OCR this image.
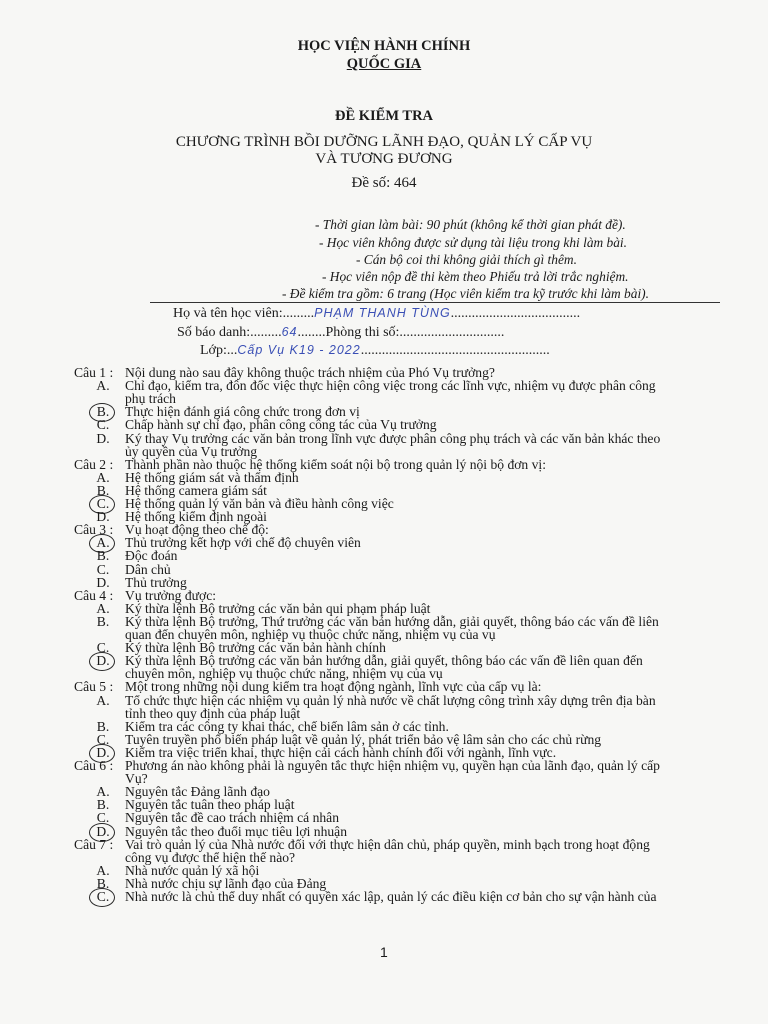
HỌC VIỆN HÀNH CHÍNH
QUỐC GIA
ĐỀ KIỂM TRA
CHƯƠNG TRÌNH BỒI DƯỠNG LÃNH ĐẠO, QUẢN LÝ CẤP VỤ
VÀ TƯƠNG ĐƯƠNG
Đề số: 464
- Thời gian làm bài: 90 phút (không kể thời gian phát đề).
- Học viên không được sử dụng tài liệu trong khi làm bài.
- Cán bộ coi thi không giải thích gì thêm.
- Học viên nộp đề thi kèm theo Phiếu trả lời trắc nghiệm.
- Đề kiểm tra gồm: 6 trang (Học viên kiểm tra kỹ trước khi làm bài).
Họ và tên học viên:.........PHẠM THANH TÙNG.....................................
Số báo danh:.........64........Phòng thi số:..............................
Lớp:...Cấp Vụ K19 - 2022......................................................
Câu 1 : Nội dung nào sau đây không thuộc trách nhiệm của Phó Vụ trưởng?
A. Chỉ đạo, kiểm tra, đôn đốc việc thực hiện công việc trong các lĩnh vực, nhiệm vụ được phân công
phụ trách
B. Thực hiện đánh giá công chức trong đơn vị
C. Chấp hành sự chỉ đạo, phân công công tác của Vụ trưởng
D. Ký thay Vụ trưởng các văn bản trong lĩnh vực được phân công phụ trách và các văn bản khác theo
ủy quyền của Vụ trưởng
Câu 2 : Thành phần nào thuộc hệ thống kiểm soát nội bộ trong quản lý nội bộ đơn vị:
A. Hệ thống giám sát và thẩm định
B. Hệ thống camera giám sát
C. Hệ thống quản lý văn bản và điều hành công việc
D. Hệ thống kiểm định ngoài
Câu 3 : Vụ hoạt động theo chế độ:
A. Thủ trưởng kết hợp với chế độ chuyên viên
B. Độc đoán
C. Dân chủ
D. Thủ trưởng
Câu 4 : Vụ trưởng được:
A. Ký thừa lệnh Bộ trưởng các văn bản qui phạm pháp luật
B. Ký thừa lệnh Bộ trưởng, Thứ trưởng các văn bản hướng dẫn, giải quyết, thông báo các vấn đề liên
quan đến chuyên môn, nghiệp vụ thuộc chức năng, nhiệm vụ của vụ
C. Ký thừa lệnh Bộ trưởng các văn bản hành chính
D. Ký thừa lệnh Bộ trưởng các văn bản hướng dẫn, giải quyết, thông báo các vấn đề liên quan đến
chuyên môn, nghiệp vụ thuộc chức năng, nhiệm vụ của vụ
Câu 5 : Một trong những nội dung kiểm tra hoạt động ngành, lĩnh vực của cấp vụ là:
A. Tổ chức thực hiện các nhiệm vụ quản lý nhà nước về chất lượng công trình xây dựng trên địa bàn
tỉnh theo quy định của pháp luật
B. Kiểm tra các công ty khai thác, chế biến lâm sản ở các tỉnh.
C. Tuyên truyền phổ biến pháp luật về quản lý, phát triển bảo vệ lâm sản cho các chủ rừng
D. Kiểm tra việc triển khai, thực hiện cải cách hành chính đối với ngành, lĩnh vực.
Câu 6 : Phương án nào không phải là nguyên tắc thực hiện nhiệm vụ, quyền hạn của lãnh đạo, quản lý cấp
Vụ?
A. Nguyên tắc Đảng lãnh đạo
B. Nguyên tắc tuân theo pháp luật
C. Nguyên tắc đề cao trách nhiệm cá nhân
D. Nguyên tắc theo đuổi mục tiêu lợi nhuận
Câu 7 : Vai trò quản lý của Nhà nước đối với thực hiện dân chủ, pháp quyền, minh bạch trong hoạt động
công vụ được thể hiện thế nào?
A. Nhà nước quản lý xã hội
B. Nhà nước chịu sự lãnh đạo của Đảng
C. Nhà nước là chủ thể duy nhất có quyền xác lập, quản lý các điều kiện cơ bản cho sự vận hành của
1
